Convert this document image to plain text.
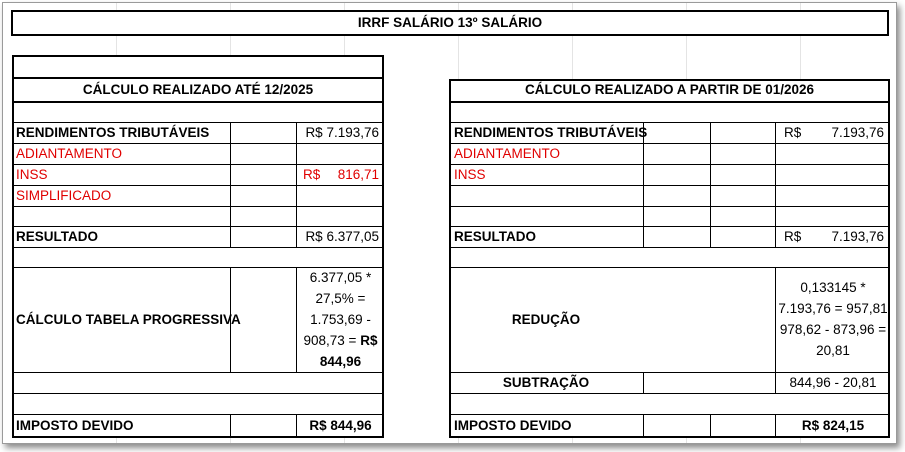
IRRF SALÁRIO 13º SALÁRIO
CÁLCULO REALIZADO ATÉ 12/2025
RENDIMENTOS TRIBUTÁVEIS	R$ 7.193,76
ADIANTAMENTO
INSS	R$	816,71
SIMPLIFICADO
RESULTADO	R$ 6.377,05
CÁLCULO TABELA PROGRESSIVA
6.377,05 *
27,5% =
1.753,69 -
908,73 = R$
844,96
IMPOSTO DEVIDO	R$ 844,96
CÁLCULO REALIZADO A PARTIR DE 01/2026
RENDIMENTOS TRIBUTÁVEIS	R$	7.193,76
ADIANTAMENTO
INSS
RESULTADO	R$	7.193,76
REDUÇÃO
0,133145 *
7.193,76 = 957,81
978,62 - 873,96 =
20,81
SUBTRAÇÃO	844,96 - 20,81
IMPOSTO DEVIDO	R$ 824,15
